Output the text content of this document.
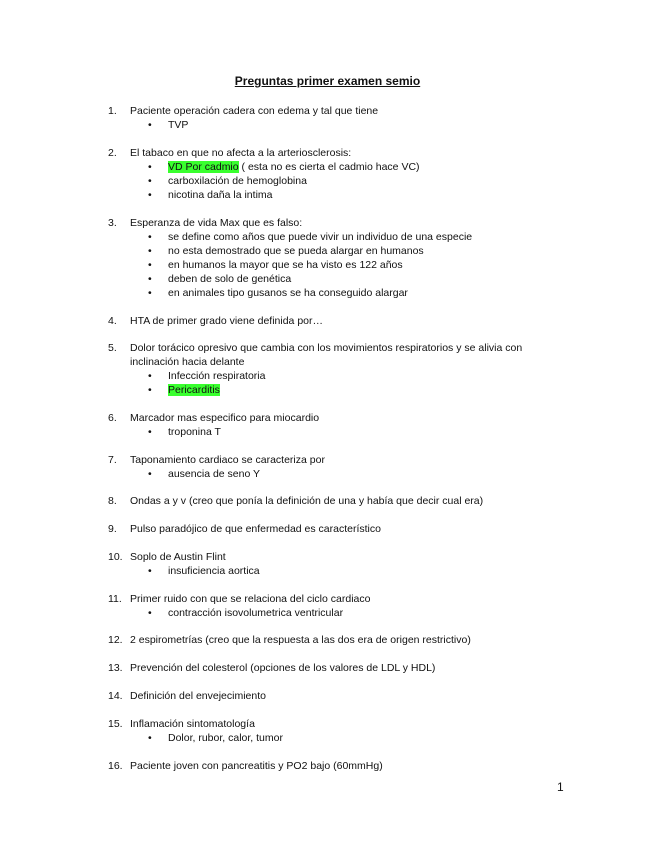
Preguntas primer examen semio
1. Paciente operación cadera con edema y tal que tiene
• TVP
2. El tabaco en que no afecta a la arteriosclerosis:
• VD Por cadmio ( esta no es cierta el cadmio hace VC)
• carboxilación de hemoglobina
• nicotina daña la intima
3. Esperanza de vida Max que es falso:
• se define como años que puede vivir un individuo de una especie
• no esta demostrado que se pueda alargar en humanos
• en humanos la mayor que se ha visto es 122 años
• deben de solo de genética
• en animales tipo gusanos se ha conseguido alargar
4. HTA de primer grado viene definida por…
5. Dolor torácico opresivo que cambia con los movimientos respiratorios y se alivia con inclinación hacia delante
• Infección respiratoria
• Pericarditis
6. Marcador mas especifico para miocardio
• troponina T
7. Taponamiento cardiaco se caracteriza por
• ausencia de seno Y
8. Ondas a y v (creo que ponía la definición de una y había que decir cual era)
9. Pulso paradójico de que enfermedad es característico
10. Soplo de Austin Flint
• insuficiencia aortica
11. Primer ruido con que se relaciona del ciclo cardiaco
• contracción isovolumetrica ventricular
12. 2 espirometrías (creo que la respuesta a las dos era de origen restrictivo)
13. Prevención del colesterol (opciones de los valores de LDL y HDL)
14. Definición del envejecimiento
15. Inflamación sintomatología
• Dolor, rubor, calor, tumor
16. Paciente joven con pancreatitis y PO2 bajo (60mmHg)
1
